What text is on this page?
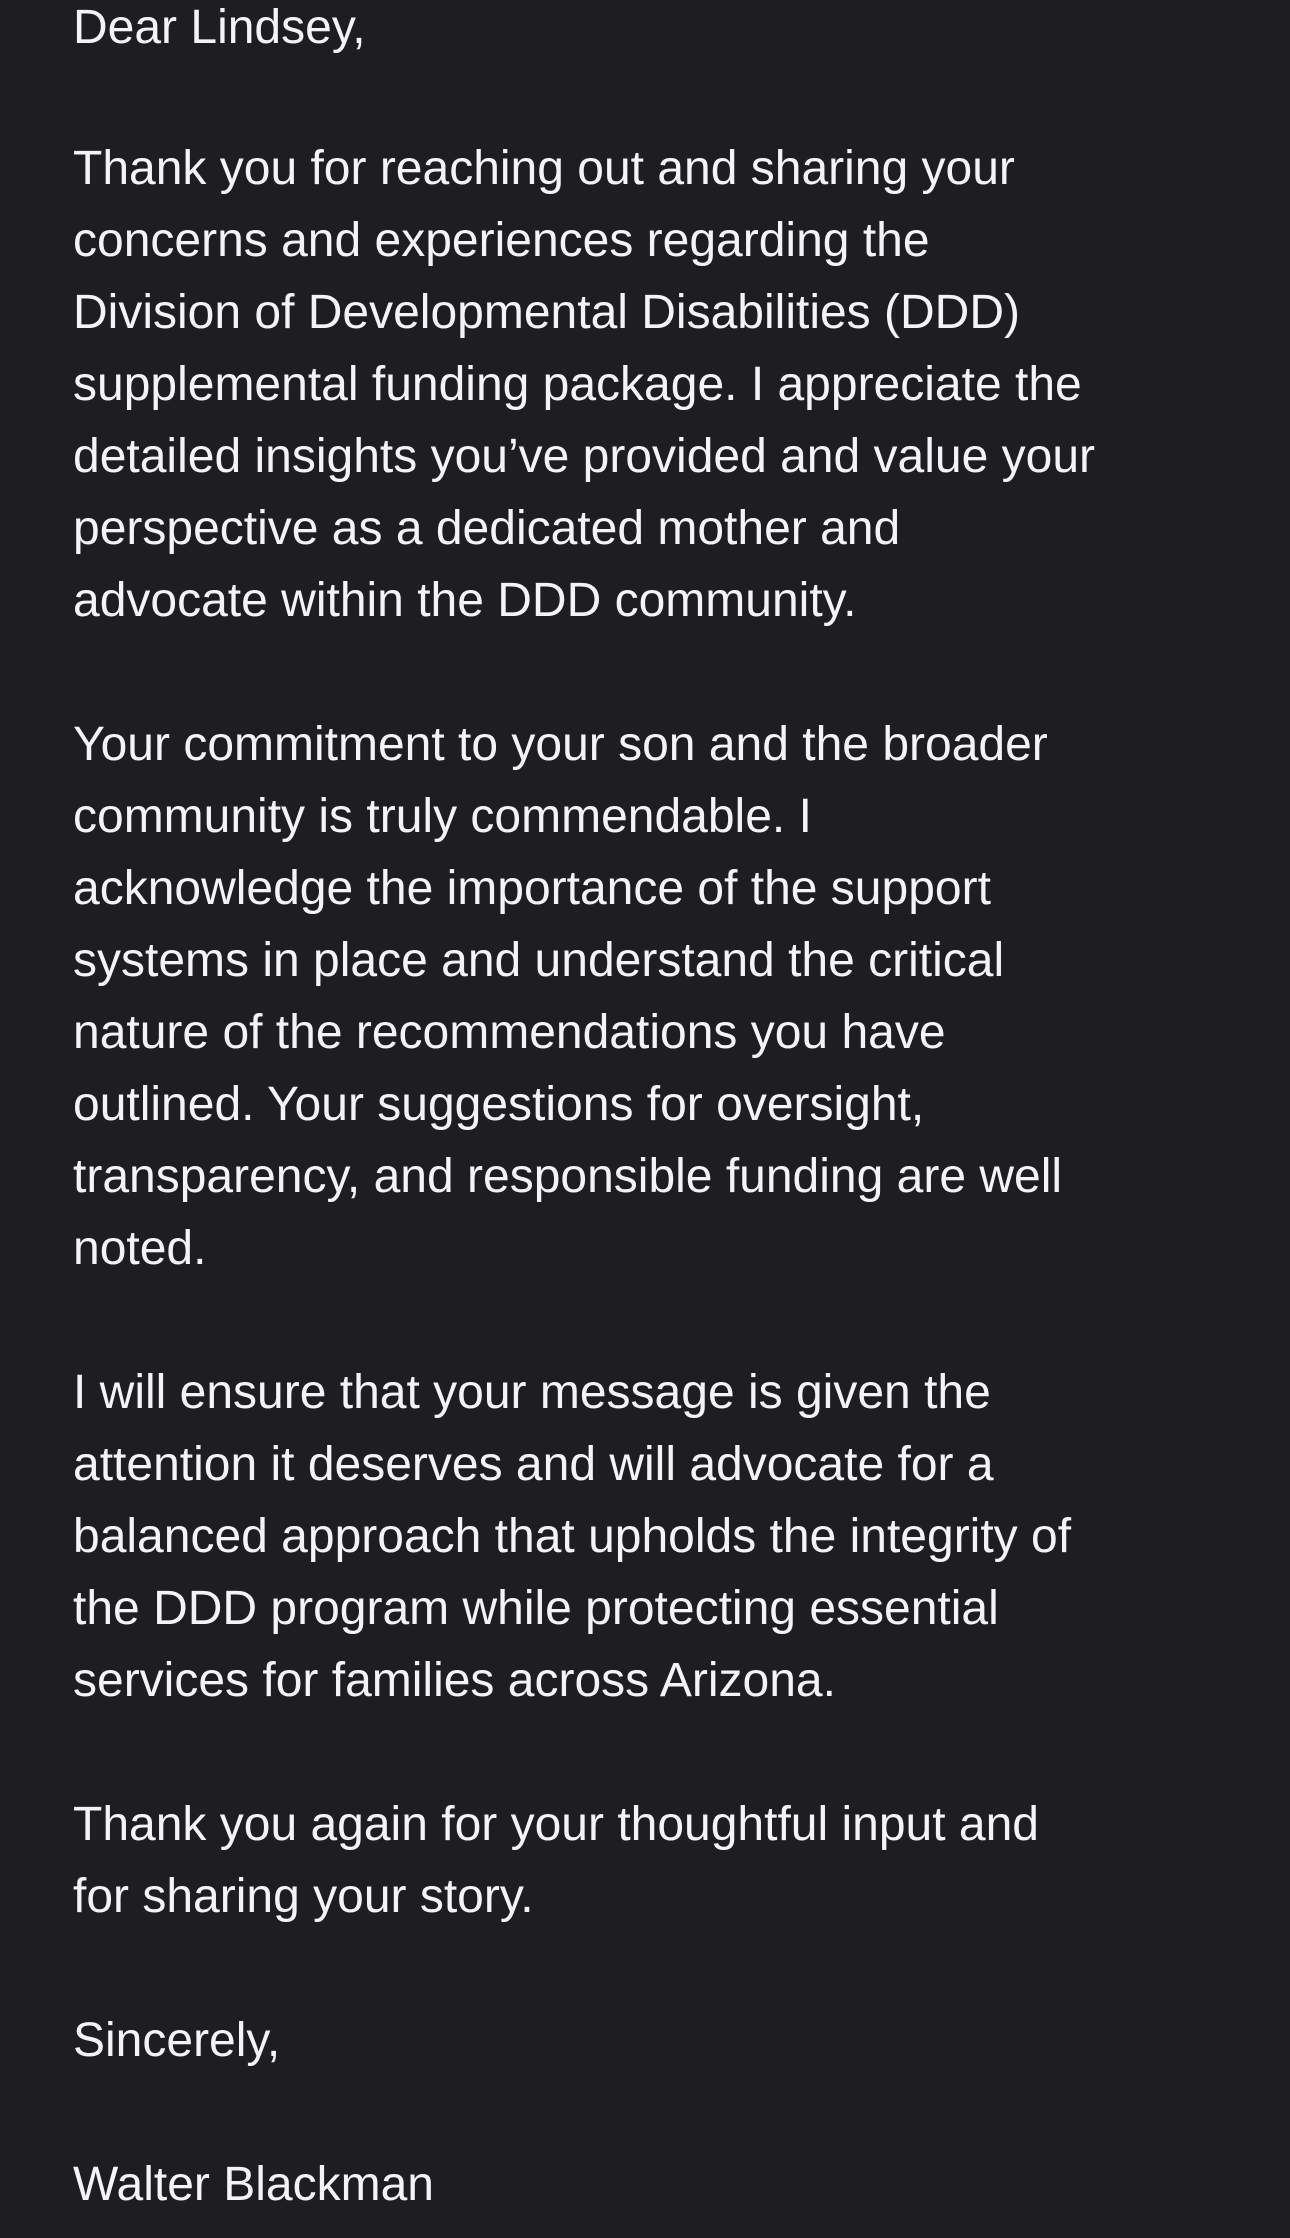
Dear Lindsey,
Thank you for reaching out and sharing your
concerns and experiences regarding the
Division of Developmental Disabilities (DDD)
supplemental funding package. I appreciate the
detailed insights you’ve provided and value your
perspective as a dedicated mother and
advocate within the DDD community.
Your commitment to your son and the broader
community is truly commendable. I
acknowledge the importance of the support
systems in place and understand the critical
nature of the recommendations you have
outlined. Your suggestions for oversight,
transparency, and responsible funding are well
noted.
I will ensure that your message is given the
attention it deserves and will advocate for a
balanced approach that upholds the integrity of
the DDD program while protecting essential
services for families across Arizona.
Thank you again for your thoughtful input and
for sharing your story.
Sincerely,
Walter Blackman
